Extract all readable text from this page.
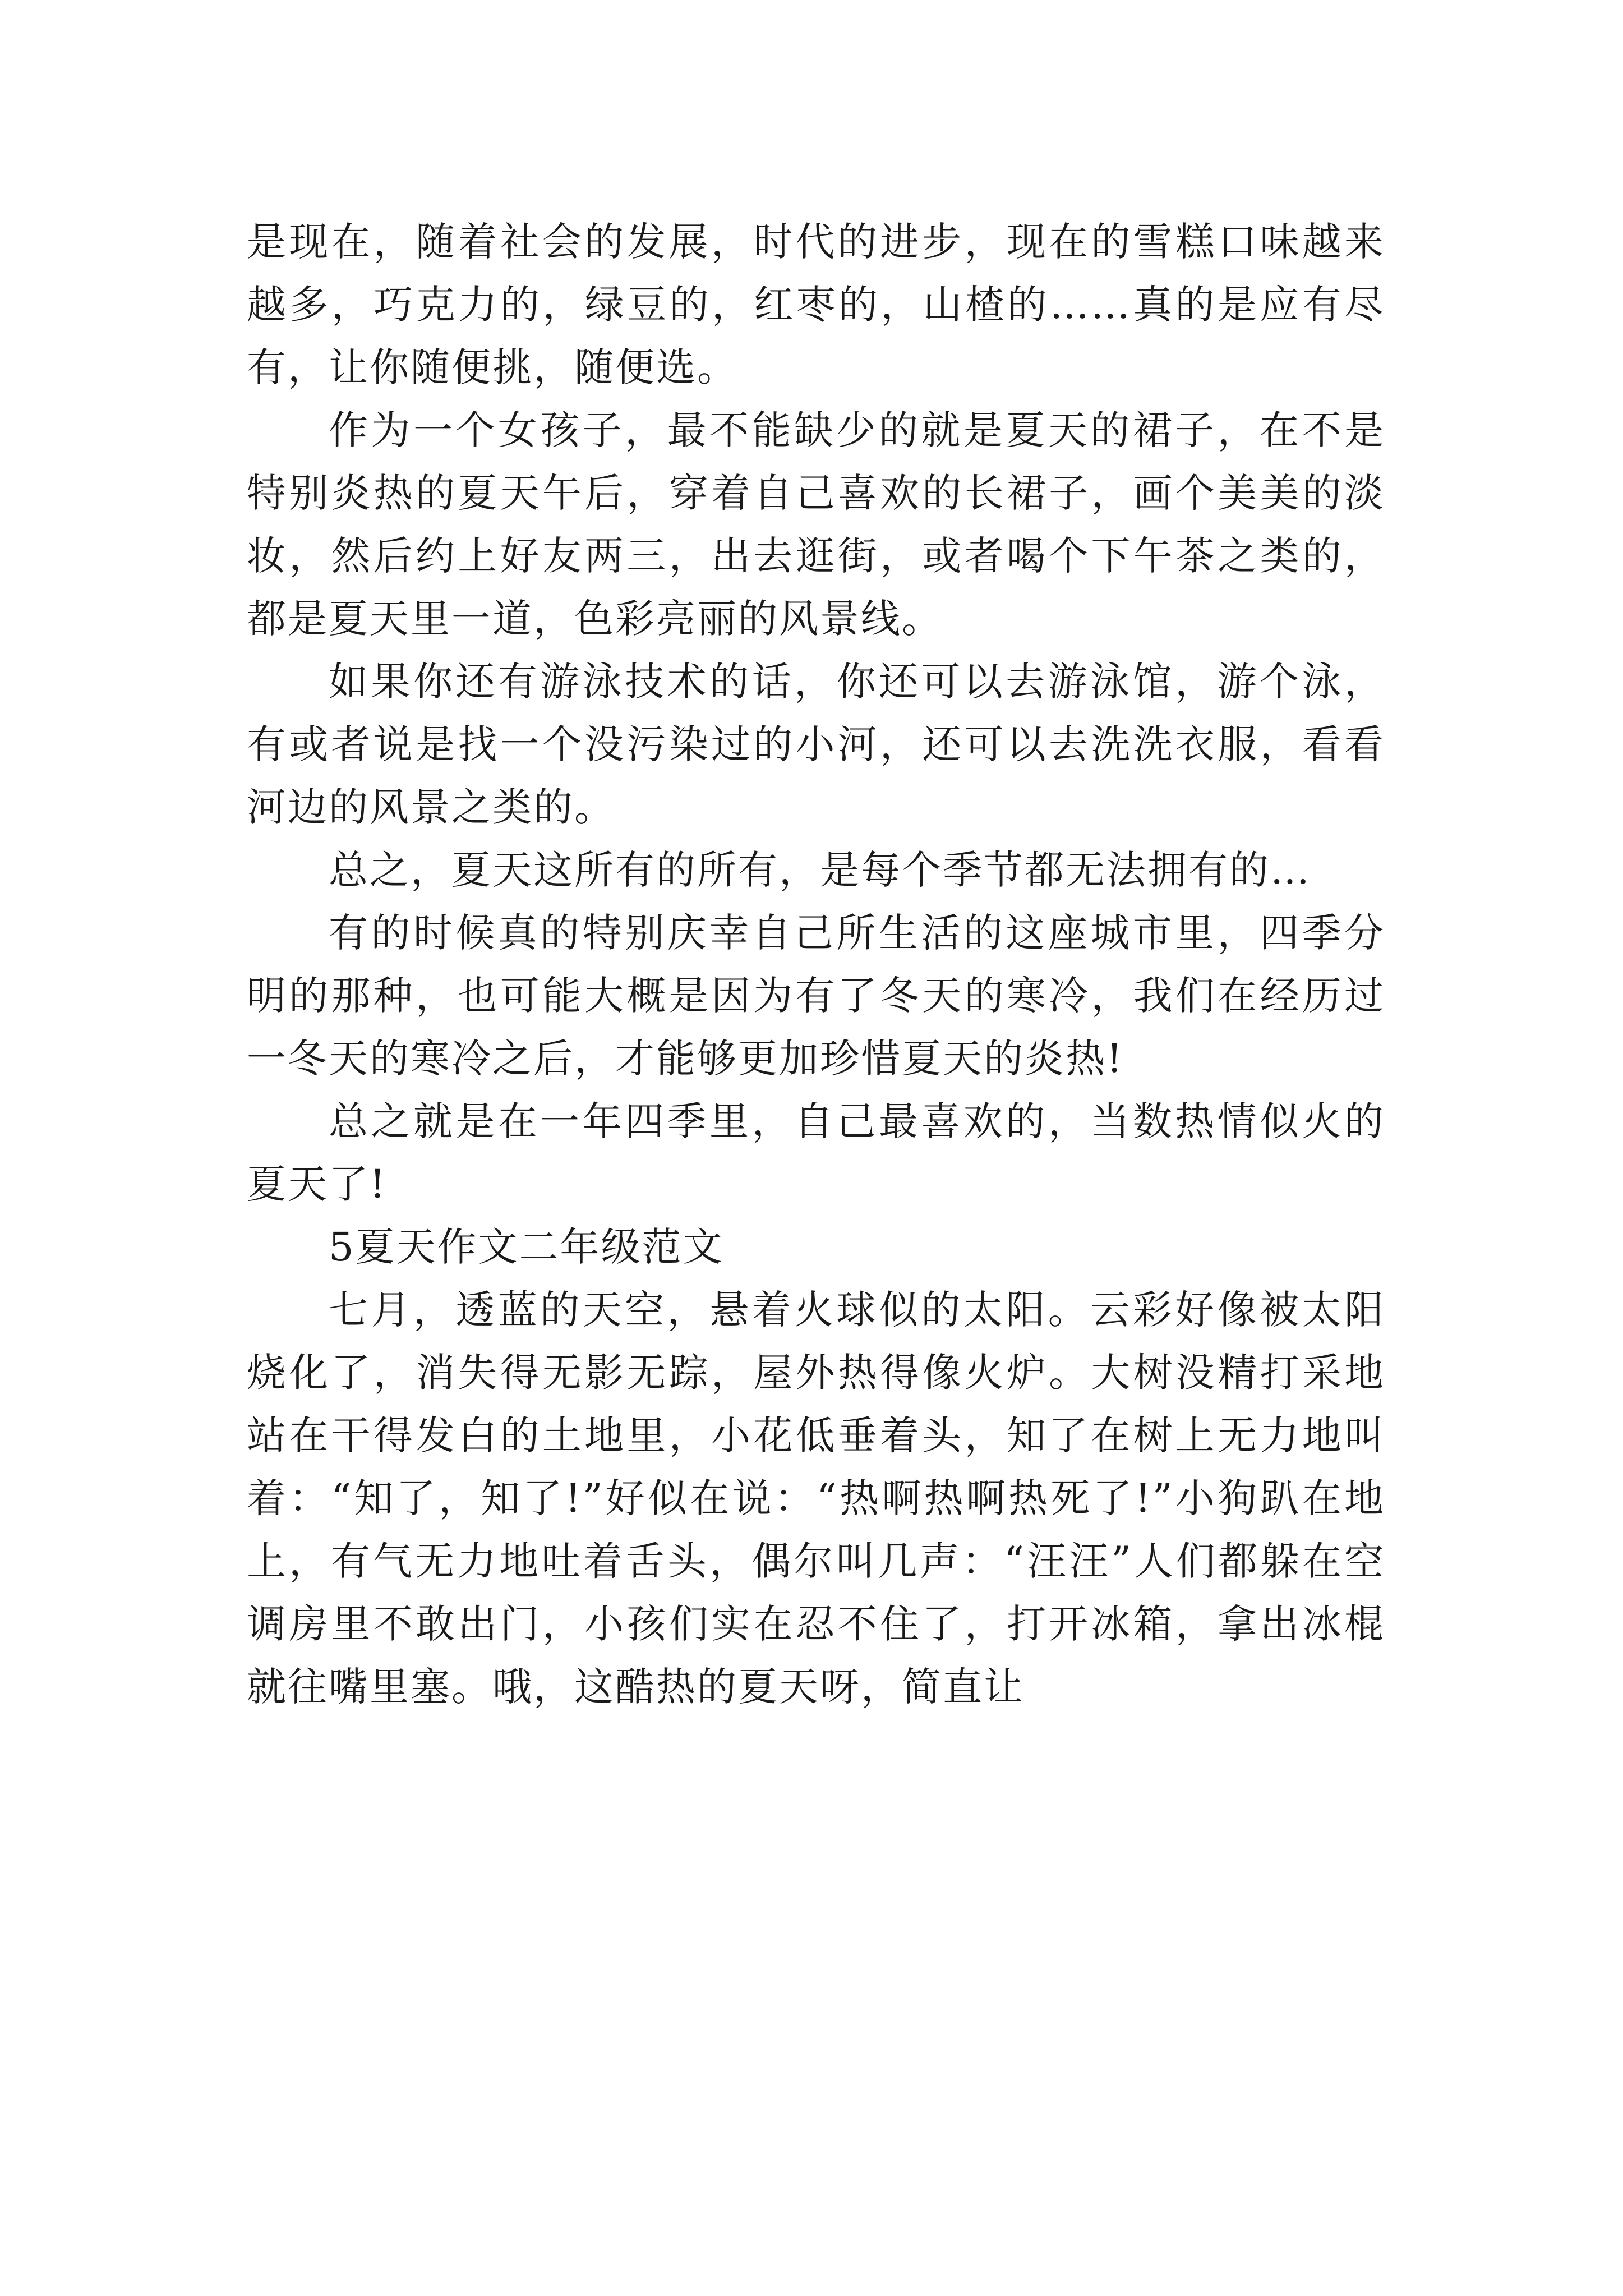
是现在，随着社会的发展，时代的进步，现在的雪糕口味越来越多，巧克力的，绿豆的，红枣的，山楂的……真的是应有尽有，让你随便挑，随便选。

作为一个女孩子，最不能缺少的就是夏天的裙子，在不是特别炎热的夏天午后，穿着自己喜欢的长裙子，画个美美的淡妆，然后约上好友两三，出去逛街，或者喝个下午茶之类的，都是夏天里一道，色彩亮丽的风景线。

如果你还有游泳技术的话，你还可以去游泳馆，游个泳，有或者说是找一个没污染过的小河，还可以去洗洗衣服，看看河边的风景之类的。

总之，夏天这所有的所有，是每个季节都无法拥有的…

有的时候真的特别庆幸自己所生活的这座城市里，四季分明的那种，也可能大概是因为有了冬天的寒冷，我们在经历过一冬天的寒冷之后，才能够更加珍惜夏天的炎热!

总之就是在一年四季里，自己最喜欢的，当数热情似火的夏天了!

5夏天作文二年级范文

七月，透蓝的天空，悬着火球似的太阳。云彩好像被太阳烧化了，消失得无影无踪，屋外热得像火炉。大树没精打采地站在干得发白的土地里，小花低垂着头，知了在树上无力地叫着：“知了，知了!”好似在说：“热啊热啊热死了!”小狗趴在地上，有气无力地吐着舌头，偶尔叫几声：“汪汪”人们都躲在空调房里不敢出门，小孩们实在忍不住了，打开冰箱，拿出冰棍就往嘴里塞。哦，这酷热的夏天呀，简直让
